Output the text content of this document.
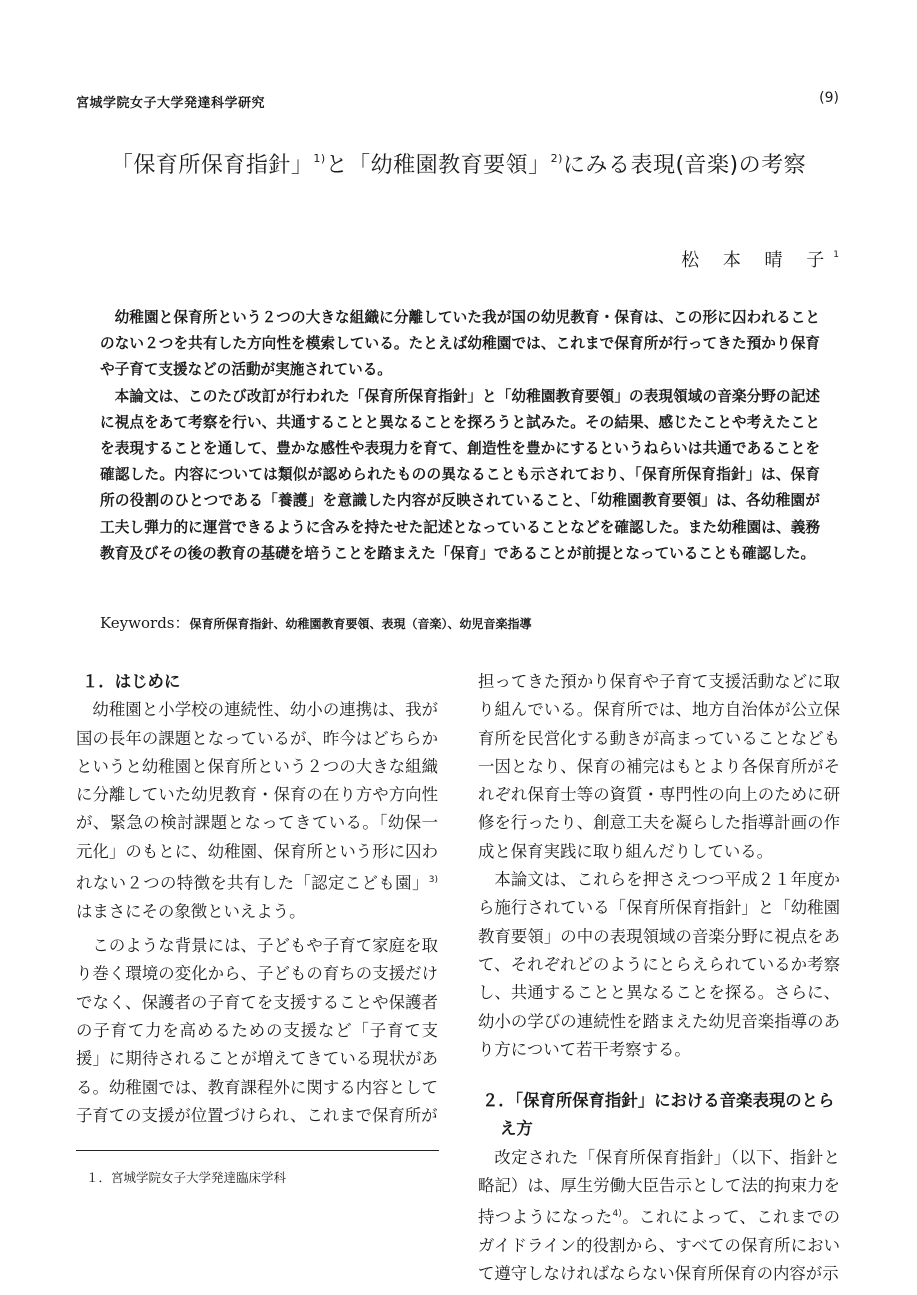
宮城学院女子大学発達科学研究	(9)
「保育所保育指針」$^{1)}$と「幼稚園教育要領」$^{2)}$にみる表現(音楽)の考察
松 本 晴 子$^1$

幼稚園と保育所という２つの大きな組織に分離していた我が国の幼児教育・保育は、この形に囚われることのない２つを共有した方向性を模索している。たとえば幼稚園では、これまで保育所が行ってきた預かり保育や子育て支援などの活動が実施されている。

本論文は、このたび改訂が行われた「保育所保育指針」と「幼稚園教育要領」の表現領域の音楽分野の記述に視点をあて考察を行い、共通することと異なることを探ろうと試みた。その結果、感じたことや考えたことを表現することを通して、豊かな感性や表現力を育て、創造性を豊かにするというねらいは共通であることを確認した。内容については類似が認められたものの異なることも示されており、「保育所保育指針」は、保育所の役割のひとつである「養護」を意識した内容が反映されていること、「幼稚園教育要領」は、各幼稚園が工夫し弾力的に運営できるように含みを持たせた記述となっていることなどを確認した。また幼稚園は、義務教育及びその後の教育の基礎を培うことを踏まえた「保育」であることが前提となっていることも確認した。

Keywords：保育所保育指針、幼稚園教育要領、表現（音楽）、幼児音楽指導
１．はじめに

幼稚園と小学校の連続性、幼小の連携は、我が国の長年の課題となっているが、昨今はどちらかというと幼稚園と保育所という２つの大きな組織に分離していた幼児教育・保育の在り方や方向性が、緊急の検討課題となってきている。「幼保一元化」のもとに、幼稚園、保育所という形に囚われない２つの特徴を共有した「認定こども園」$^{3)}$はまさにその象徴といえよう。

このような背景には、子どもや子育て家庭を取り巻く環境の変化から、子どもの育ちの支援だけでなく、保護者の子育てを支援することや保護者の子育て力を高めるための支援など「子育て支援」に期待されることが増えてきている現状がある。幼稚園では、教育課程外に関する内容として子育ての支援が位置づけられ、これまで保育所が

担ってきた預かり保育や子育て支援活動などに取り組んでいる。保育所では、地方自治体が公立保育所を民営化する動きが高まっていることなども一因となり、保育の補完はもとより各保育所がそれぞれ保育士等の資質・専門性の向上のために研修を行ったり、創意工夫を凝らした指導計画の作成と保育実践に取り組んだりしている。

本論文は、これらを押さえつつ平成２１年度から施行されている「保育所保育指針」と「幼稚園教育要領」の中の表現領域の音楽分野に視点をあて、それぞれどのようにとらえられているか考察し、共通することと異なることを探る。さらに、幼小の学びの連続性を踏まえた幼児音楽指導のあり方について若干考察する。

２．「保育所保育指針」における音楽表現のとら
え方

改定された「保育所保育指針」（以下、指針と略記）は、厚生労働大臣告示として法的拘束力を持つようになった$^{4)}$。これによって、これまでのガイドライン的役割から、すべての保育所において遵守しなければならない保育所保育の内容が示

１．宮城学院女子大学発達臨床学科
